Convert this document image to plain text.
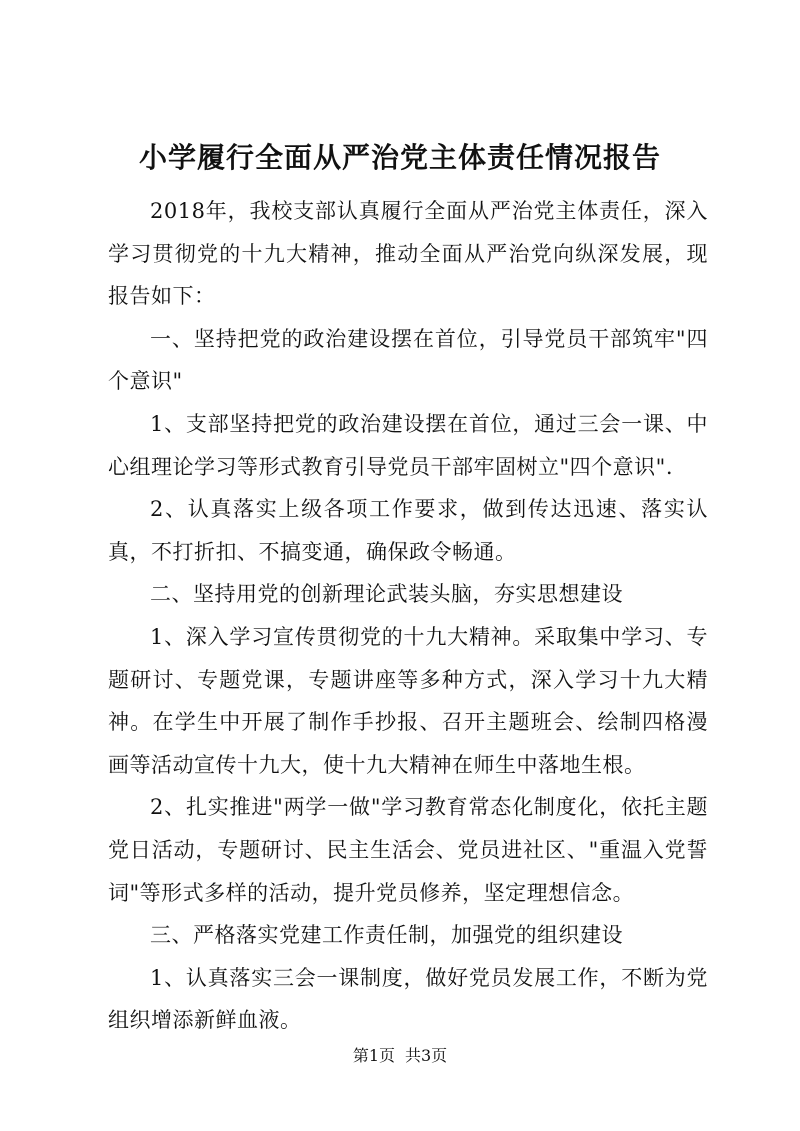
小学履行全面从严治党主体责任情况报告

2018年，我校支部认真履行全面从严治党主体责任，深入学习贯彻党的十九大精神，推动全面从严治党向纵深发展，现报告如下：

一、坚持把党的政治建设摆在首位，引导党员干部筑牢"四个意识"

1、支部坚持把党的政治建设摆在首位，通过三会一课、中心组理论学习等形式教育引导党员干部牢固树立"四个意识".

2、认真落实上级各项工作要求，做到传达迅速、落实认真，不打折扣、不搞变通，确保政令畅通。

二、坚持用党的创新理论武装头脑，夯实思想建设

1、深入学习宣传贯彻党的十九大精神。采取集中学习、专题研讨、专题党课，专题讲座等多种方式，深入学习十九大精神。在学生中开展了制作手抄报、召开主题班会、绘制四格漫画等活动宣传十九大，使十九大精神在师生中落地生根。

2、扎实推进"两学一做"学习教育常态化制度化，依托主题党日活动，专题研讨、民主生活会、党员进社区、"重温入党誓词"等形式多样的活动，提升党员修养，坚定理想信念。

三、严格落实党建工作责任制，加强党的组织建设

1、认真落实三会一课制度，做好党员发展工作，不断为党组织增添新鲜血液。

第1页 共3页
